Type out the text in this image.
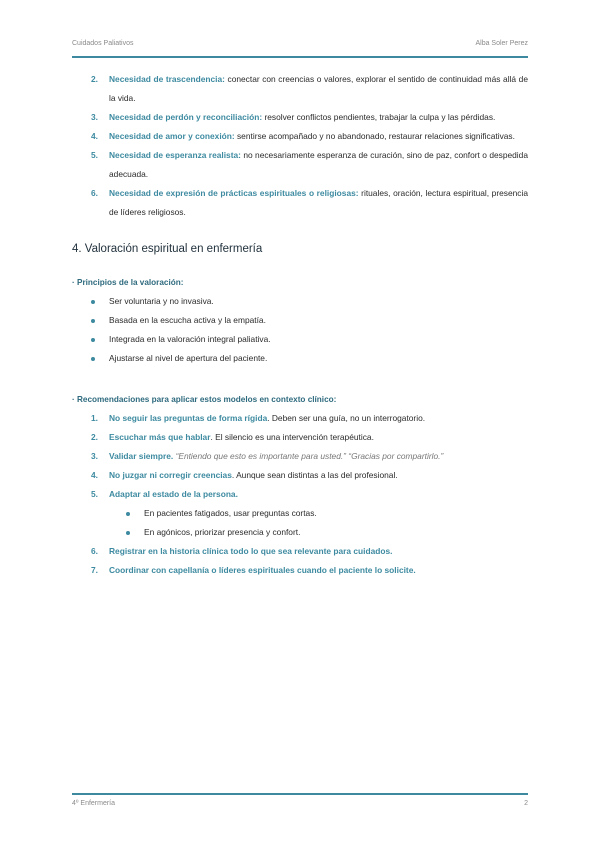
Cuidados Paliativos	Alba Soler Perez
2.	Necesidad de trascendencia: conectar con creencias o valores, explorar el sentido de continuidad más allá de la vida.
3.	Necesidad de perdón y reconciliación: resolver conflictos pendientes, trabajar la culpa y las pérdidas.
4.	Necesidad de amor y conexión: sentirse acompañado y no abandonado, restaurar relaciones significativas.
5.	Necesidad de esperanza realista: no necesariamente esperanza de curación, sino de paz, confort o despedida adecuada.
6.	Necesidad de expresión de prácticas espirituales o religiosas: rituales, oración, lectura espiritual, presencia de líderes religiosos.
4. Valoración espiritual en enfermería
· Principios de la valoración:
Ser voluntaria y no invasiva.
Basada en la escucha activa y la empatía.
Integrada en la valoración integral paliativa.
Ajustarse al nivel de apertura del paciente.
· Recomendaciones para aplicar estos modelos en contexto clínico:
1.	No seguir las preguntas de forma rígida. Deben ser una guía, no un interrogatorio.
2.	Escuchar más que hablar. El silencio es una intervención terapéutica.
3.	Validar siempre. “Entiendo que esto es importante para usted.” “Gracias por compartirlo.”
4.	No juzgar ni corregir creencias. Aunque sean distintas a las del profesional.
5.	Adaptar al estado de la persona.
En pacientes fatigados, usar preguntas cortas.
En agónicos, priorizar presencia y confort.
6.	Registrar en la historia clínica todo lo que sea relevante para cuidados.
7.	Coordinar con capellanía o líderes espirituales cuando el paciente lo solicite.
4º Enfermería	2
